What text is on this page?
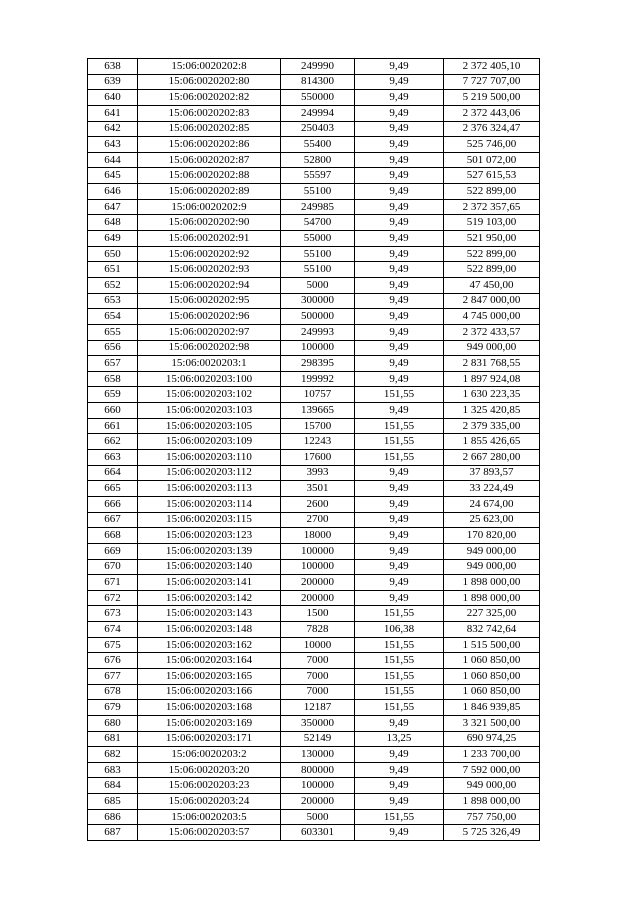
638	15:06:0020202:8	249990	9,49	2 372 405,10
639	15:06:0020202:80	814300	9,49	7 727 707,00
640	15:06:0020202:82	550000	9,49	5 219 500,00
641	15:06:0020202:83	249994	9,49	2 372 443,06
642	15:06:0020202:85	250403	9,49	2 376 324,47
643	15:06:0020202:86	55400	9,49	525 746,00
644	15:06:0020202:87	52800	9,49	501 072,00
645	15:06:0020202:88	55597	9,49	527 615,53
646	15:06:0020202:89	55100	9,49	522 899,00
647	15:06:0020202:9	249985	9,49	2 372 357,65
648	15:06:0020202:90	54700	9,49	519 103,00
649	15:06:0020202:91	55000	9,49	521 950,00
650	15:06:0020202:92	55100	9,49	522 899,00
651	15:06:0020202:93	55100	9,49	522 899,00
652	15:06:0020202:94	5000	9,49	47 450,00
653	15:06:0020202:95	300000	9,49	2 847 000,00
654	15:06:0020202:96	500000	9,49	4 745 000,00
655	15:06:0020202:97	249993	9,49	2 372 433,57
656	15:06:0020202:98	100000	9,49	949 000,00
657	15:06:0020203:1	298395	9,49	2 831 768,55
658	15:06:0020203:100	199992	9,49	1 897 924,08
659	15:06:0020203:102	10757	151,55	1 630 223,35
660	15:06:0020203:103	139665	9,49	1 325 420,85
661	15:06:0020203:105	15700	151,55	2 379 335,00
662	15:06:0020203:109	12243	151,55	1 855 426,65
663	15:06:0020203:110	17600	151,55	2 667 280,00
664	15:06:0020203:112	3993	9,49	37 893,57
665	15:06:0020203:113	3501	9,49	33 224,49
666	15:06:0020203:114	2600	9,49	24 674,00
667	15:06:0020203:115	2700	9,49	25 623,00
668	15:06:0020203:123	18000	9,49	170 820,00
669	15:06:0020203:139	100000	9,49	949 000,00
670	15:06:0020203:140	100000	9,49	949 000,00
671	15:06:0020203:141	200000	9,49	1 898 000,00
672	15:06:0020203:142	200000	9,49	1 898 000,00
673	15:06:0020203:143	1500	151,55	227 325,00
674	15:06:0020203:148	7828	106,38	832 742,64
675	15:06:0020203:162	10000	151,55	1 515 500,00
676	15:06:0020203:164	7000	151,55	1 060 850,00
677	15:06:0020203:165	7000	151,55	1 060 850,00
678	15:06:0020203:166	7000	151,55	1 060 850,00
679	15:06:0020203:168	12187	151,55	1 846 939,85
680	15:06:0020203:169	350000	9,49	3 321 500,00
681	15:06:0020203:171	52149	13,25	690 974,25
682	15:06:0020203:2	130000	9,49	1 233 700,00
683	15:06:0020203:20	800000	9,49	7 592 000,00
684	15:06:0020203:23	100000	9,49	949 000,00
685	15:06:0020203:24	200000	9,49	1 898 000,00
686	15:06:0020203:5	5000	151,55	757 750,00
687	15:06:0020203:57	603301	9,49	5 725 326,49
